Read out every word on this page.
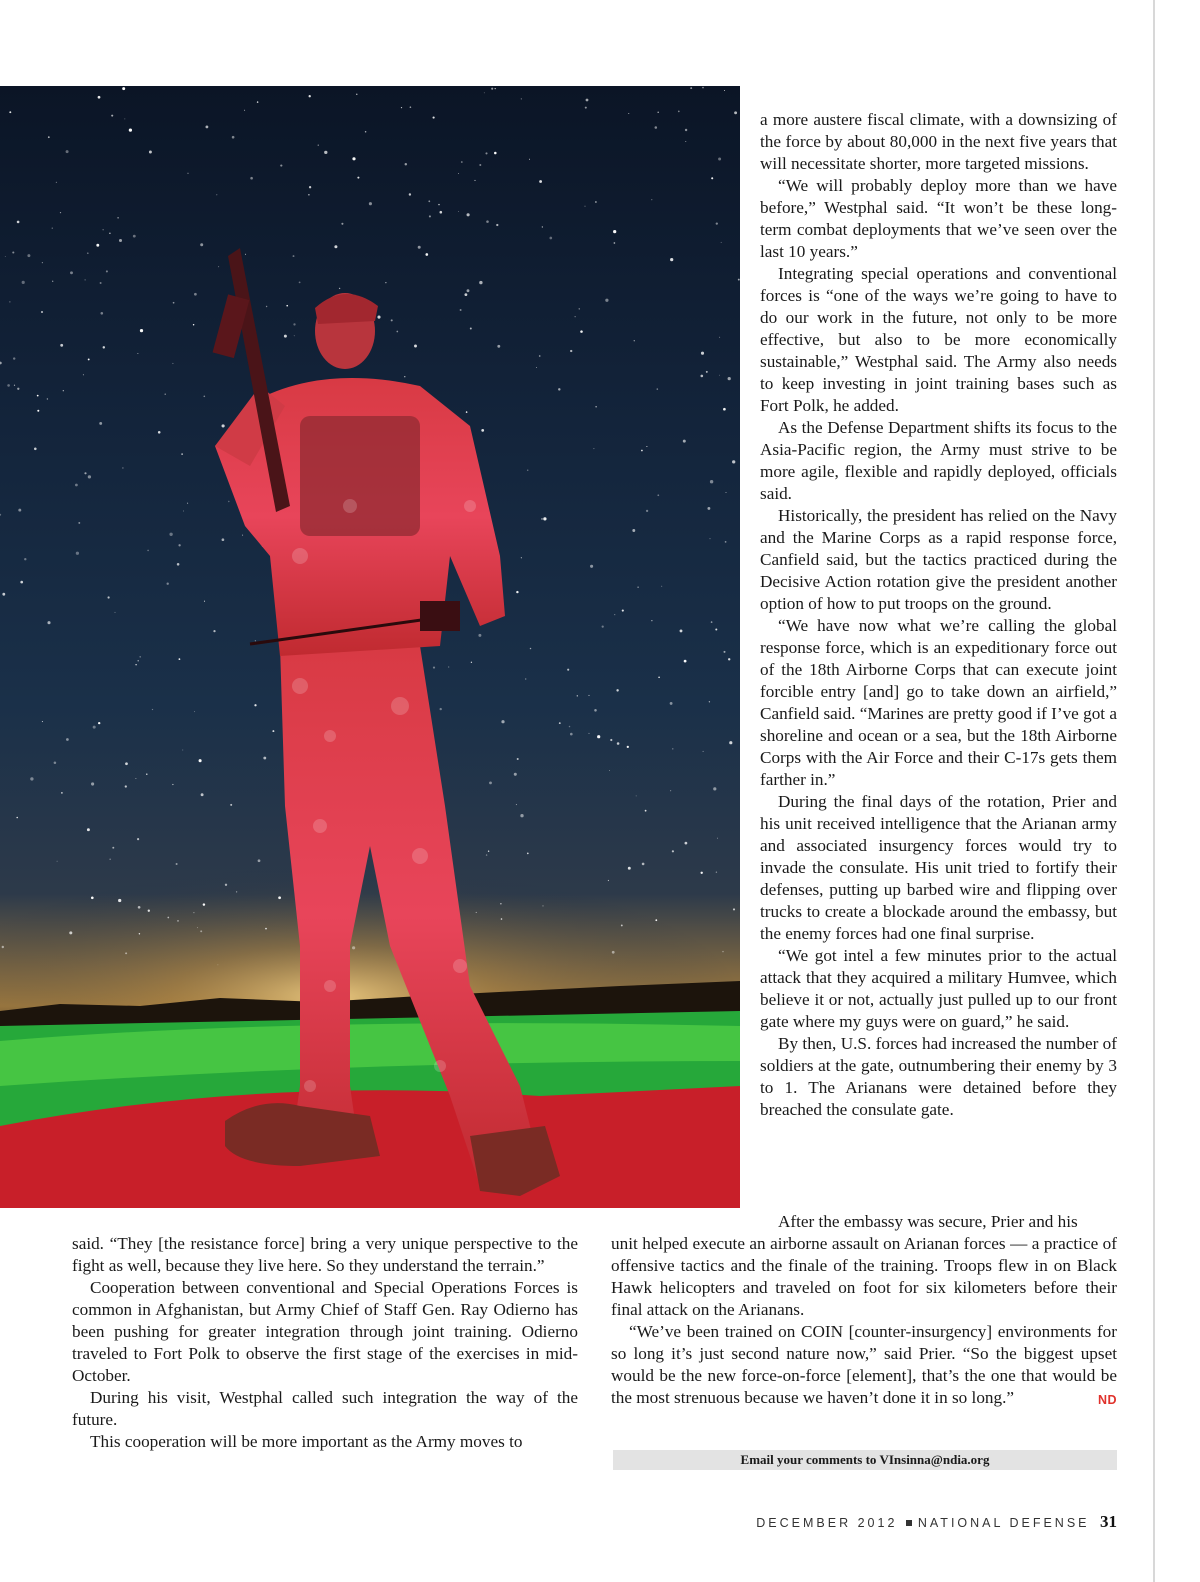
a more austere fiscal climate, with a downsizing of the force by about 80,000 in the next five years that will necessitate shorter, more targeted missions.

“We will probably deploy more than we have before,” Westphal said. “It won’t be these long-term combat deployments that we’ve seen over the last 10 years.”

Integrating special operations and conventional forces is “one of the ways we’re going to have to do our work in the future, not only to be more effective, but also to be more economically sustainable,” Westphal said. The Army also needs to keep investing in joint training bases such as Fort Polk, he added.

As the Defense Department shifts its focus to the Asia-Pacific region, the Army must strive to be more agile, flexible and rapidly deployed, officials said.

Historically, the president has relied on the Navy and the Marine Corps as a rapid response force, Canfield said, but the tactics practiced during the Decisive Action rotation give the president another option of how to put troops on the ground.

“We have now what we’re calling the global response force, which is an expeditionary force out of the 18th Airborne Corps that can execute joint forcible entry [and] go to take down an airfield,” Canfield said. “Marines are pretty good if I’ve got a shoreline and ocean or a sea, but the 18th Airborne Corps with the Air Force and their C-17s gets them farther in.”

During the final days of the rotation, Prier and his unit received intelligence that the Arianan army and associated insurgency forces would try to invade the consulate. His unit tried to fortify their defenses, putting up barbed wire and flipping over trucks to create a blockade around the embassy, but the enemy forces had one final surprise.

“We got intel a few minutes prior to the actual attack that they acquired a military Humvee, which believe it or not, actually just pulled up to our front gate where my guys were on guard,” he said.

By then, U.S. forces had increased the number of soldiers at the gate, outnumbering their enemy by 3 to 1. The Arianans were detained before they breached the consulate gate.

After the embassy was secure, Prier and his

said. “They [the resistance force] bring a very unique perspective to the fight as well, because they live here. So they understand the terrain.”

Cooperation between conventional and Special Operations Forces is common in Afghanistan, but Army Chief of Staff Gen. Ray Odierno has been pushing for greater integration through joint training. Odierno traveled to Fort Polk to observe the first stage of the exercises in mid-October.

During his visit, Westphal called such integration the way of the future.

This cooperation will be more important as the Army moves to

unit helped execute an airborne assault on Arianan forces — a practice of offensive tactics and the finale of the training. Troops flew in on Black Hawk helicopters and traveled on foot for six kilometers before their final attack on the Arianans.

“We’ve been trained on COIN [counter-insurgency] environments for so long it’s just second nature now,” said Prier. “So the biggest upset would be the new force-on-force [element], that’s the one that would be the most strenuous because we haven’t done it in so long.”	ND

Email your comments to VInsinna@ndia.org
DECEMBER 2012 NATIONAL DEFENSE 31
